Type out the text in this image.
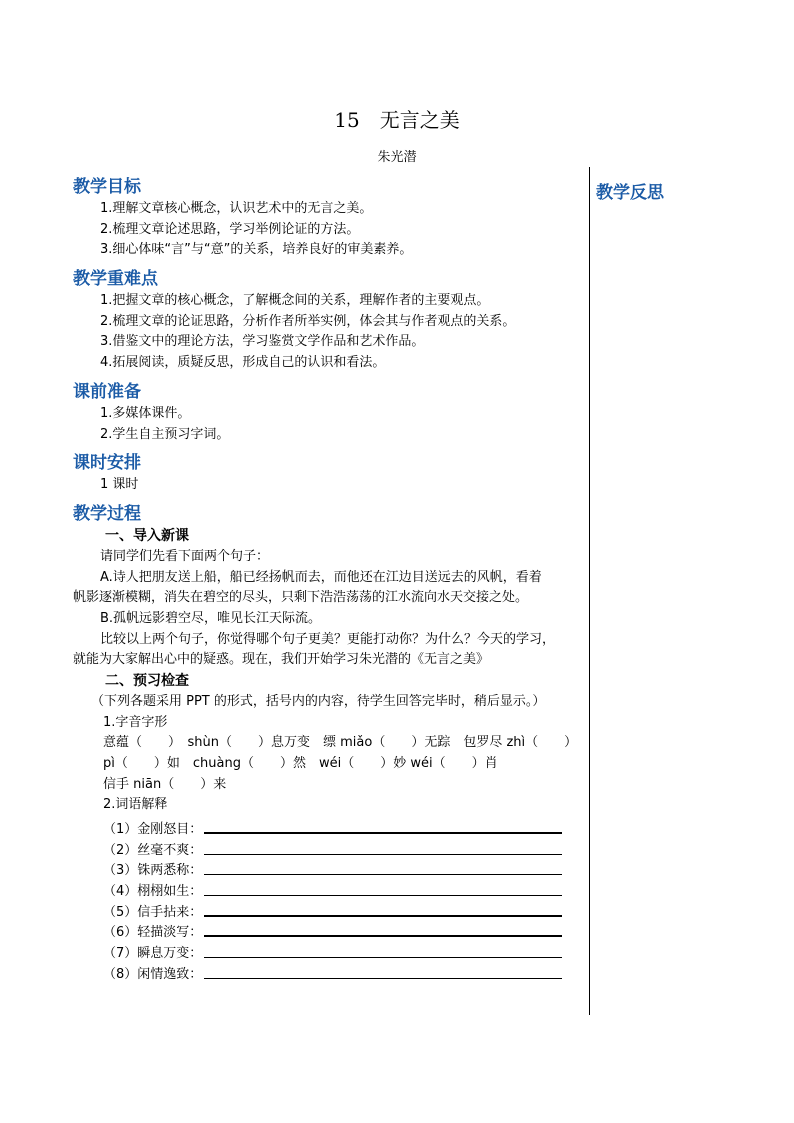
15 无言之美
朱光潜
教学反思
教学目标
1.理解文章核心概念，认识艺术中的无言之美。
2.梳理文章论述思路，学习举例论证的方法。
3.细心体味“言”与“意”的关系，培养良好的审美素养。
教学重难点
1.把握文章的核心概念，了解概念间的关系，理解作者的主要观点。
2.梳理文章的论证思路，分析作者所举实例，体会其与作者观点的关系。
3.借鉴文中的理论方法，学习鉴赏文学作品和艺术作品。
4.拓展阅读，质疑反思，形成自己的认识和看法。
课前准备
1.多媒体课件。
2.学生自主预习字词。
课时安排
1 课时
教学过程
一、导入新课
请同学们先看下面两个句子：
A.诗人把朋友送上船，船已经扬帆而去，而他还在江边目送远去的风帆，看着
帆影逐渐模糊，消失在碧空的尽头，只剩下浩浩荡荡的江水流向水天交接之处。
B.孤帆远影碧空尽，唯见长江天际流。
比较以上两个句子，你觉得哪个句子更美？更能打动你？为什么？今天的学习，
就能为大家解出心中的疑惑。现在，我们开始学习朱光潜的《无言之美》
二、预习检查
（下列各题采用 PPT 的形式，括号内的内容，待学生回答完毕时，稍后显示。）
1.字音字形
意蕴（　　）　shùn（　　）息万变　缥 miǎo（　　）无踪　包罗尽 zhì（　　）
pì（　　）如　chuàng（　　）然　wéi（　　）妙 wéi（　　）肖
信手 niān（　　）来
2.词语解释
（1）金刚怒目：
（2）丝毫不爽：
（3）铢两悉称：
（4）栩栩如生：
（5）信手拈来：
（6）轻描淡写：
（7）瞬息万变：
（8）闲情逸致：
